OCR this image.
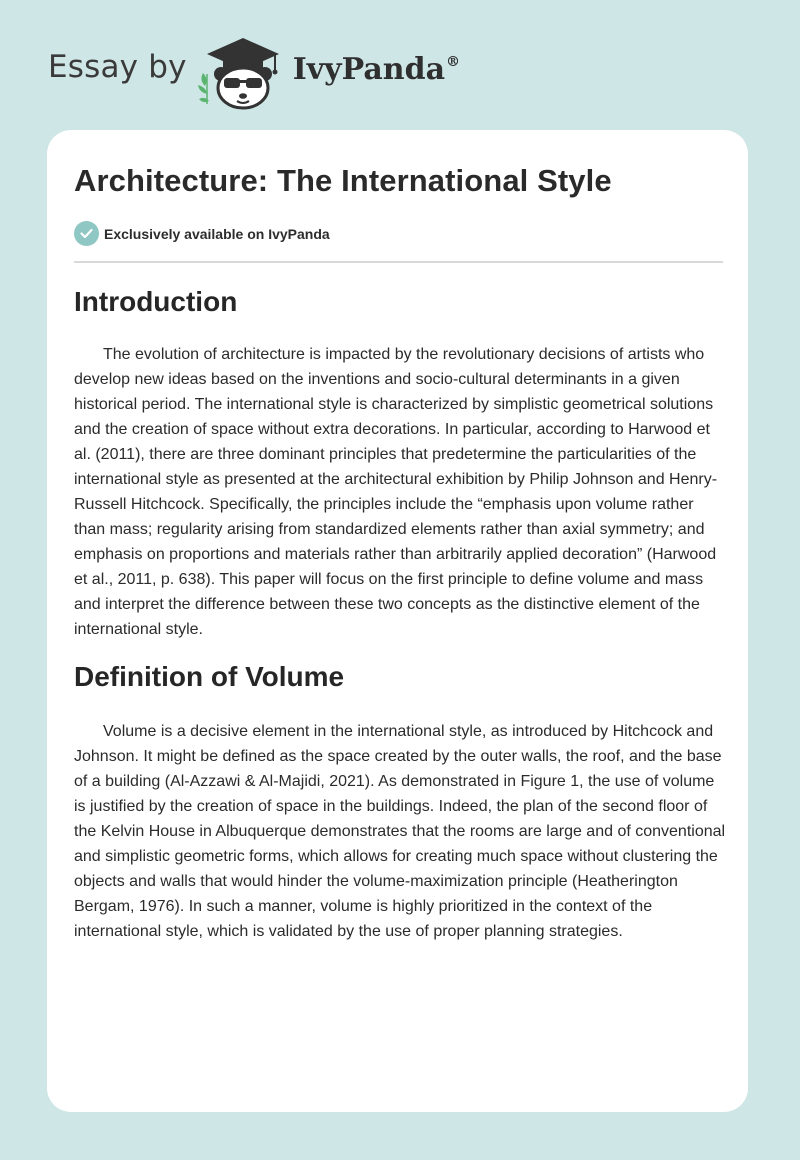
Essay by	IvyPanda®
Architecture: The International Style
Exclusively available on IvyPanda
Introduction

The evolution of architecture is impacted by the revolutionary decisions of artists who develop new ideas based on the inventions and socio-cultural determinants in a given historical period. The international style is characterized by simplistic geometrical solutions and the creation of space without extra decorations. In particular, according to Harwood et al. (2011), there are three dominant principles that predetermine the particularities of the international style as presented at the architectural exhibition by Philip Johnson and Henry-Russell Hitchcock. Specifically, the principles include the “emphasis upon volume rather than mass; regularity arising from standardized elements rather than axial symmetry; and emphasis on proportions and materials rather than arbitrarily applied decoration” (Harwood et al., 2011, p. 638). This paper will focus on the first principle to define volume and mass and interpret the difference between these two concepts as the distinctive element of the international style.

Definition of Volume

Volume is a decisive element in the international style, as introduced by Hitchcock and Johnson. It might be defined as the space created by the outer walls, the roof, and the base of a building (Al-Azzawi & Al-Majidi, 2021). As demonstrated in Figure 1, the use of volume is justified by the creation of space in the buildings. Indeed, the plan of the second floor of the Kelvin House in Albuquerque demonstrates that the rooms are large and of conventional and simplistic geometric forms, which allows for creating much space without clustering the objects and walls that would hinder the volume-maximization principle (Heatherington Bergam, 1976). In such a manner, volume is highly prioritized in the context of the international style, which is validated by the use of proper planning strategies.
